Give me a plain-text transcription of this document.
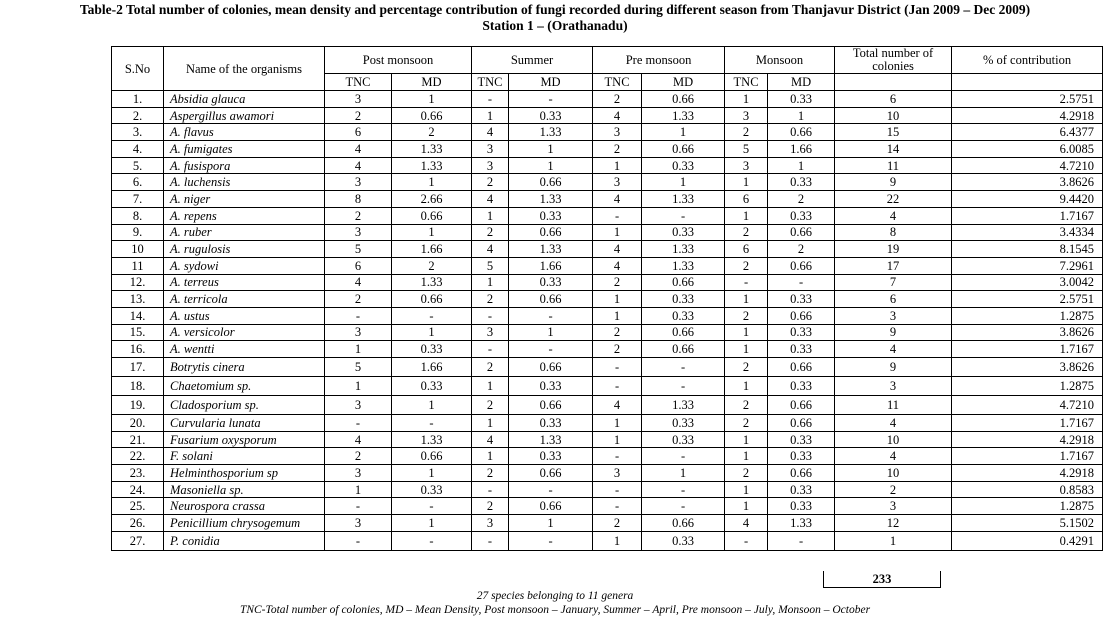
Table-2 Total number of colonies, mean density and percentage contribution of fungi recorded during different season from Thanjavur District (Jan 2009 – Dec 2009)
Station 1 – (Orathanadu)
S.No	Name of the organisms	Post monsoon		Summer		Pre monsoon		Monsoon		Total number of colonies	% of contribution
		TNC	MD	TNC	MD	TNC	MD	TNC	MD		
1.	Absidia glauca	3	1	-	-	2	0.66	1	0.33	6	2.5751
2.	Aspergillus awamori	2	0.66	1	0.33	4	1.33	3	1	10	4.2918
3.	A. flavus	6	2	4	1.33	3	1	2	0.66	15	6.4377
4.	A. fumigates	4	1.33	3	1	2	0.66	5	1.66	14	6.0085
5.	A. fusispora	4	1.33	3	1	1	0.33	3	1	11	4.7210
6.	A. luchensis	3	1	2	0.66	3	1	1	0.33	9	3.8626
7.	A. niger	8	2.66	4	1.33	4	1.33	6	2	22	9.4420
8.	A. repens	2	0.66	1	0.33	-	-	1	0.33	4	1.7167
9.	A. ruber	3	1	2	0.66	1	0.33	2	0.66	8	3.4334
10	A. rugulosis	5	1.66	4	1.33	4	1.33	6	2	19	8.1545
11	A. sydowi	6	2	5	1.66	4	1.33	2	0.66	17	7.2961
12.	A. terreus	4	1.33	1	0.33	2	0.66	-	-	7	3.0042
13.	A. terricola	2	0.66	2	0.66	1	0.33	1	0.33	6	2.5751
14.	A. ustus	-	-	-	-	1	0.33	2	0.66	3	1.2875
15.	A. versicolor	3	1	3	1	2	0.66	1	0.33	9	3.8626
16.	A. wentti	1	0.33	-	-	2	0.66	1	0.33	4	1.7167
17.	Botrytis cinera	5	1.66	2	0.66	-	-	2	0.66	9	3.8626
18.	Chaetomium sp.	1	0.33	1	0.33	-	-	1	0.33	3	1.2875
19.	Cladosporium sp.	3	1	2	0.66	4	1.33	2	0.66	11	4.7210
20.	Curvularia lunata	-	-	1	0.33	1	0.33	2	0.66	4	1.7167
21.	Fusarium oxysporum	4	1.33	4	1.33	1	0.33	1	0.33	10	4.2918
22.	F. solani	2	0.66	1	0.33	-	-	1	0.33	4	1.7167
23.	Helminthosporium sp	3	1	2	0.66	3	1	2	0.66	10	4.2918
24.	Masoniella sp.	1	0.33	-	-	-	-	1	0.33	2	0.8583
25.	Neurospora crassa	-	-	2	0.66	-	-	1	0.33	3	1.2875
26.	Penicillium chrysogemum	3	1	3	1	2	0.66	4	1.33	12	5.1502
27.	P. conidia	-	-	-	-	1	0.33	-	-	1	0.4291
233
27 species belonging to 11 genera
TNC-Total number of colonies, MD – Mean Density, Post monsoon – January, Summer – April, Pre monsoon – July, Monsoon – October
